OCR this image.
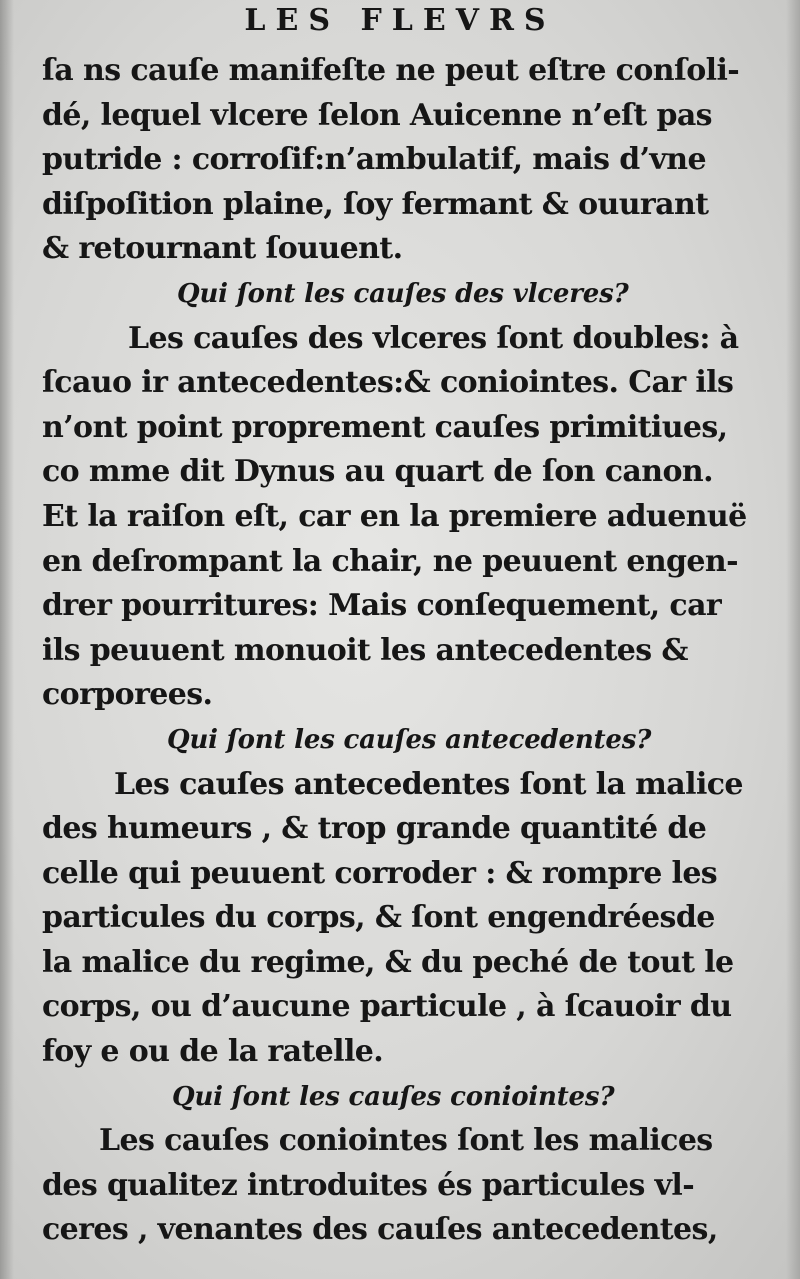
LES FLEVRS
ſa ns cauſe manifeſte ne peut eſtre conſoli-
dé, lequel vlcere ſelon Auicenne n’eſt pas
putride : corroſif:n’ambulatif, mais d’vne
diſpoſition plaine, ſoy fermant & ouurant
& retournant ſouuent.
Qui ſont les cauſes des vlceres?
Les cauſes des vlceres ſont doubles: à
ſcauo ir antecedentes:& coniointes. Car ils
n’ont point proprement cauſes primitiues,
co mme dit Dynus au quart de ſon canon.
Et la raiſon eſt, car en la premiere aduenuë
en deſrompant la chair, ne peuuent engen-
drer pourritures: Mais conſequement, car
ils peuuent monuoit les antecedentes &
corporees.
Qui ſont les cauſes antecedentes?
Les cauſes antecedentes ſont la malice
des humeurs , & trop grande quantité de
celle qui peuuent corroder : & rompre les
particules du corps, & ſont engendréesde
la malice du regime, & du peché de tout le
corps, ou d’aucune particule , à ſcauoir du
foy e ou de la ratelle.
Qui ſont les cauſes coniointes?
Les cauſes coniointes ſont les malices
des qualitez introduites és particules vl-
ceres , venantes des cauſes antecedentes,
